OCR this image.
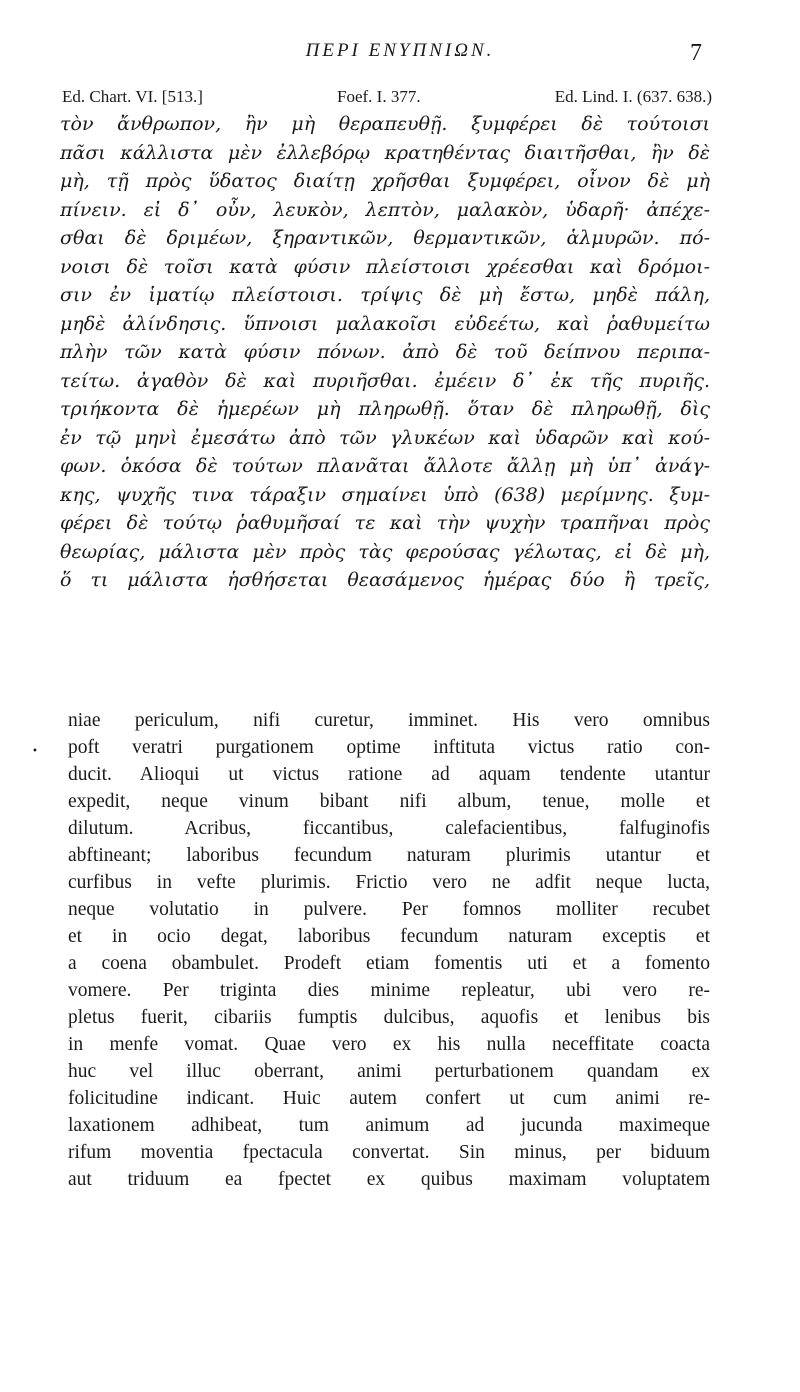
ΠΕΡΙ ΕΝΥΠΝΙΩΝ.	7
Ed. Chart. VI. [513.]	Foef. I. 377.	Ed. Lind. I. (637. 638.)
τὸν ἄνθρωπον, ἢν μὴ θεραπευθῇ. ξυμφέρει δὲ τούτοισι
πᾶσι κάλλιστα μὲν ἐλλεβόρῳ κρατηθέντας διαιτῆσθαι, ἢν δὲ
μὴ, τῇ πρὸς ὕδατος διαίτῃ χρῆσθαι ξυμφέρει, οἶνον δὲ μὴ
πίνειν. εἰ δ᾽ οὖν, λευκὸν, λεπτὸν, μαλακὸν, ὑδαρῆ· ἀπέχε-
σθαι δὲ δριμέων, ξηραντικῶν, θερμαντικῶν, ἁλμυρῶν. πό-
νοισι δὲ τοῖσι κατὰ φύσιν πλείστοισι χρέεσθαι καὶ δρόμοι-
σιν ἐν ἱματίῳ πλείστοισι. τρίψις δὲ μὴ ἔστω, μηδὲ πάλη,
μηδὲ ἀλίνδησις. ὕπνοισι μαλακοῖσι εὐδεέτω, καὶ ῥαθυμείτω
πλὴν τῶν κατὰ φύσιν πόνων. ἀπὸ δὲ τοῦ δείπνου περιπα-
τείτω. ἀγαθὸν δὲ καὶ πυριῆσθαι. ἐμέειν δ᾽ ἐκ τῆς πυριῆς.
τριήκοντα δὲ ἡμερέων μὴ πληρωθῇ. ὅταν δὲ πληρωθῇ, δὶς
ἐν τῷ μηνὶ ἐμεσάτω ἀπὸ τῶν γλυκέων καὶ ὑδαρῶν καὶ κού-
φων. ὁκόσα δὲ τούτων πλανᾶται ἄλλοτε ἄλλῃ μὴ ὑπ᾽ ἀνάγ-
κης, ψυχῆς τινα τάραξιν σημαίνει ὑπὸ (638) μερίμνης. ξυμ-
φέρει δὲ τούτῳ ῥαθυμῆσαί τε καὶ τὴν ψυχὴν τραπῆναι πρὸς
θεωρίας, μάλιστα μὲν πρὸς τὰς φερούσας γέλωτας, εἰ δὲ μὴ,
ὅ τι μάλιστα ἡσθήσεται θεασάμενος ἡμέρας δύο ἢ τρεῖς,
•
niae periculum, nifi curetur, imminet. His vero omnibus
poft veratri purgationem optime inftituta victus ratio con-
ducit. Alioqui ut victus ratione ad aquam tendente utantur
expedit, neque vinum bibant nifi album, tenue, molle et
dilutum. Acribus, ficcantibus, calefacientibus, falfuginofis
abftineant; laboribus fecundum naturam plurimis utantur et
curfibus in vefte plurimis. Frictio vero ne adfit neque lucta,
neque volutatio in pulvere. Per fomnos molliter recubet
et in ocio degat, laboribus fecundum naturam exceptis et
a coena obambulet. Prodeft etiam fomentis uti et a fomento
vomere. Per triginta dies minime repleatur, ubi vero re-
pletus fuerit, cibariis fumptis dulcibus, aquofis et lenibus bis
in menfe vomat. Quae vero ex his nulla neceffitate coacta
huc vel illuc oberrant, animi perturbationem quandam ex
folicitudine indicant. Huic autem confert ut cum animi re-
laxationem adhibeat, tum animum ad jucunda maximeque
rifum moventia fpectacula convertat. Sin minus, per biduum
aut triduum ea fpectet ex quibus maximam voluptatem
